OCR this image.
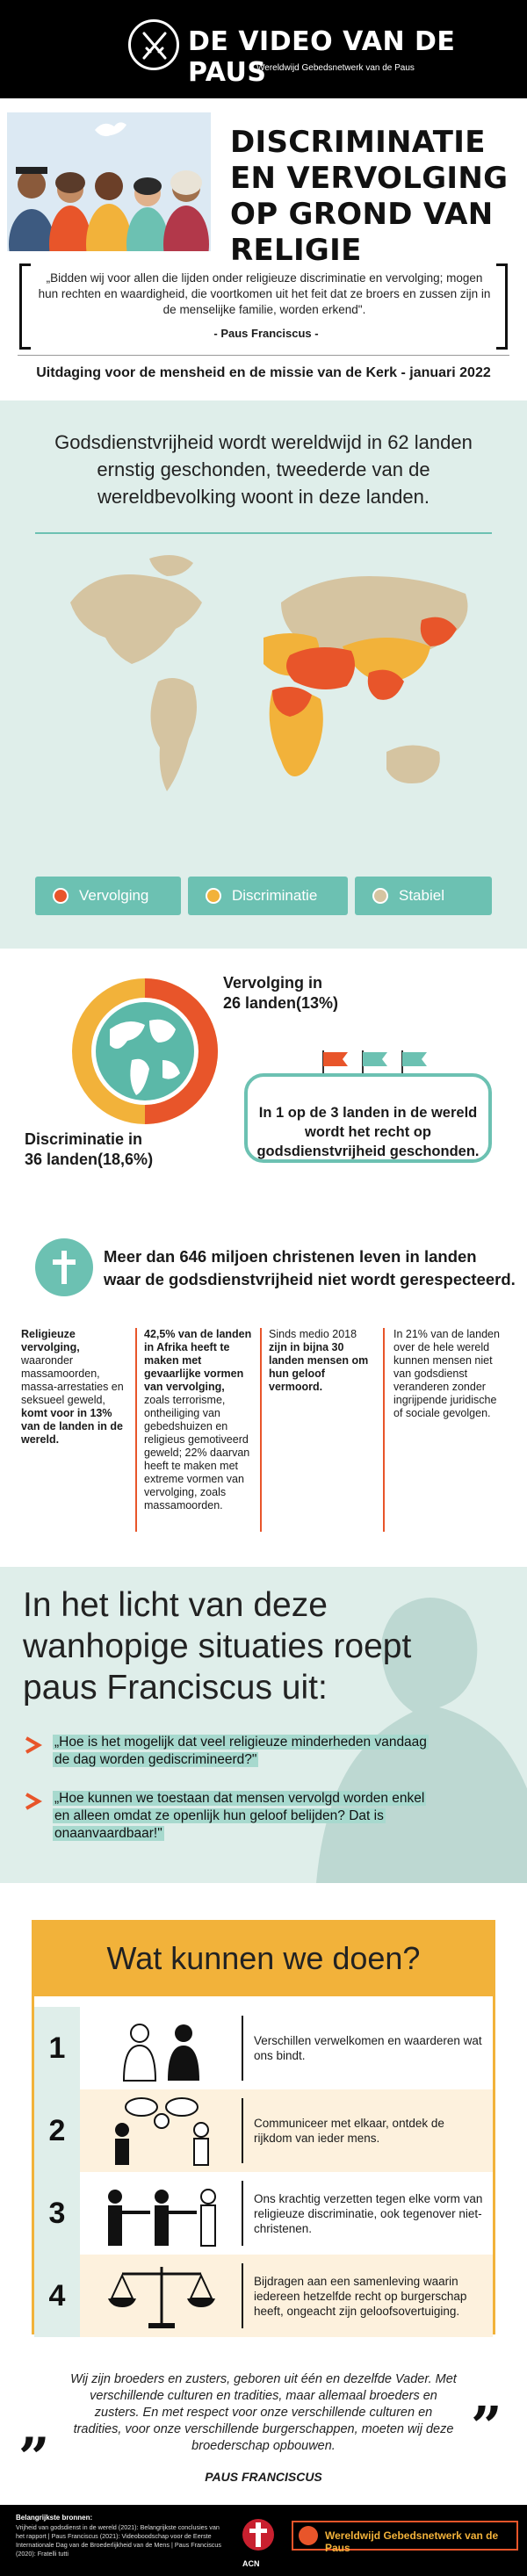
DE VIDEO VAN DE PAUS
Wereldwijd Gebedsnetwerk van de Paus
DISCRIMINATIE EN VERVOLGING OP GROND VAN RELIGIE
„Bidden wij voor allen die lijden onder religieuze discriminatie en vervolging; mogen hun rechten en waardigheid, die voortkomen uit het feit dat ze broers en zussen zijn in de menselijke familie, worden erkend".
- Paus Franciscus -
Uitdaging voor de mensheid en de missie van de Kerk - januari 2022
Godsdienstvrijheid wordt wereldwijd in 62 landen ernstig geschonden, tweederde van de wereldbevolking woont in deze landen.
Vervolging	Discriminatie	Stabiel
Vervolging in
26 landen(13%)
Discriminatie in
36 landen(18,6%)
In 1 op de 3 landen in de wereld wordt het recht op godsdienstvrijheid geschonden.
Meer dan 646 miljoen christenen leven in landen waar de godsdienstvrijheid niet wordt gerespecteerd.
Religieuze vervolging, waaronder massamoorden, massa-arrestaties en seksueel geweld, komt voor in 13% van de landen in de wereld.
42,5% van de landen in Afrika heeft te maken met gevaarlijke vormen van vervolging, zoals terrorisme, ontheiliging van gebedshuizen en religieus gemotiveerd geweld; 22% daarvan heeft te maken met extreme vormen van vervolging, zoals massamoorden.
Sinds medio 2018 zijn in bijna 30 landen mensen om hun geloof vermoord.
In 21% van de landen over de hele wereld kunnen mensen niet van godsdienst veranderen zonder ingrijpende juridische of sociale gevolgen.
In het licht van deze wanhopige situaties roept paus Franciscus uit:
„Hoe is het mogelijk dat veel religieuze minderheden vandaag de dag worden gediscrimineerd?"
„Hoe kunnen we toestaan dat mensen vervolgd worden enkel en alleen omdat ze openlijk hun geloof belijden? Dat is onaanvaardbaar!"
Wat kunnen we doen?
1	Verschillen verwelkomen en waarderen wat ons bindt.
2	Communiceer met elkaar, ontdek de rijkdom van ieder mens.
3	Ons krachtig verzetten tegen elke vorm van religieuze discriminatie, ook tegenover niet-christenen.
4	Bijdragen aan een samenleving waarin iedereen hetzelfde recht op burgerschap heeft, ongeacht zijn geloofsovertuiging.
„	”
Wij zijn broeders en zusters, geboren uit één en dezelfde Vader. Met verschillende culturen en tradities, maar allemaal broeders en zusters. En met respect voor onze verschillende culturen en tradities, voor onze verschillende burgerschappen, moeten wij deze broederschap opbouwen.
PAUS FRANCISCUS
Belangrijkste bronnen:
Vrijheid van godsdienst in de wereld (2021): Belangrijkste conclusies van het rapport | Paus Franciscus (2021): Videoboodschap voor de Eerste Internationale Dag van de Broederlijkheid van de Mens | Paus Franciscus (2020): Fratelli tutti
ACN
Wereldwijd Gebedsnetwerk van de Paus
